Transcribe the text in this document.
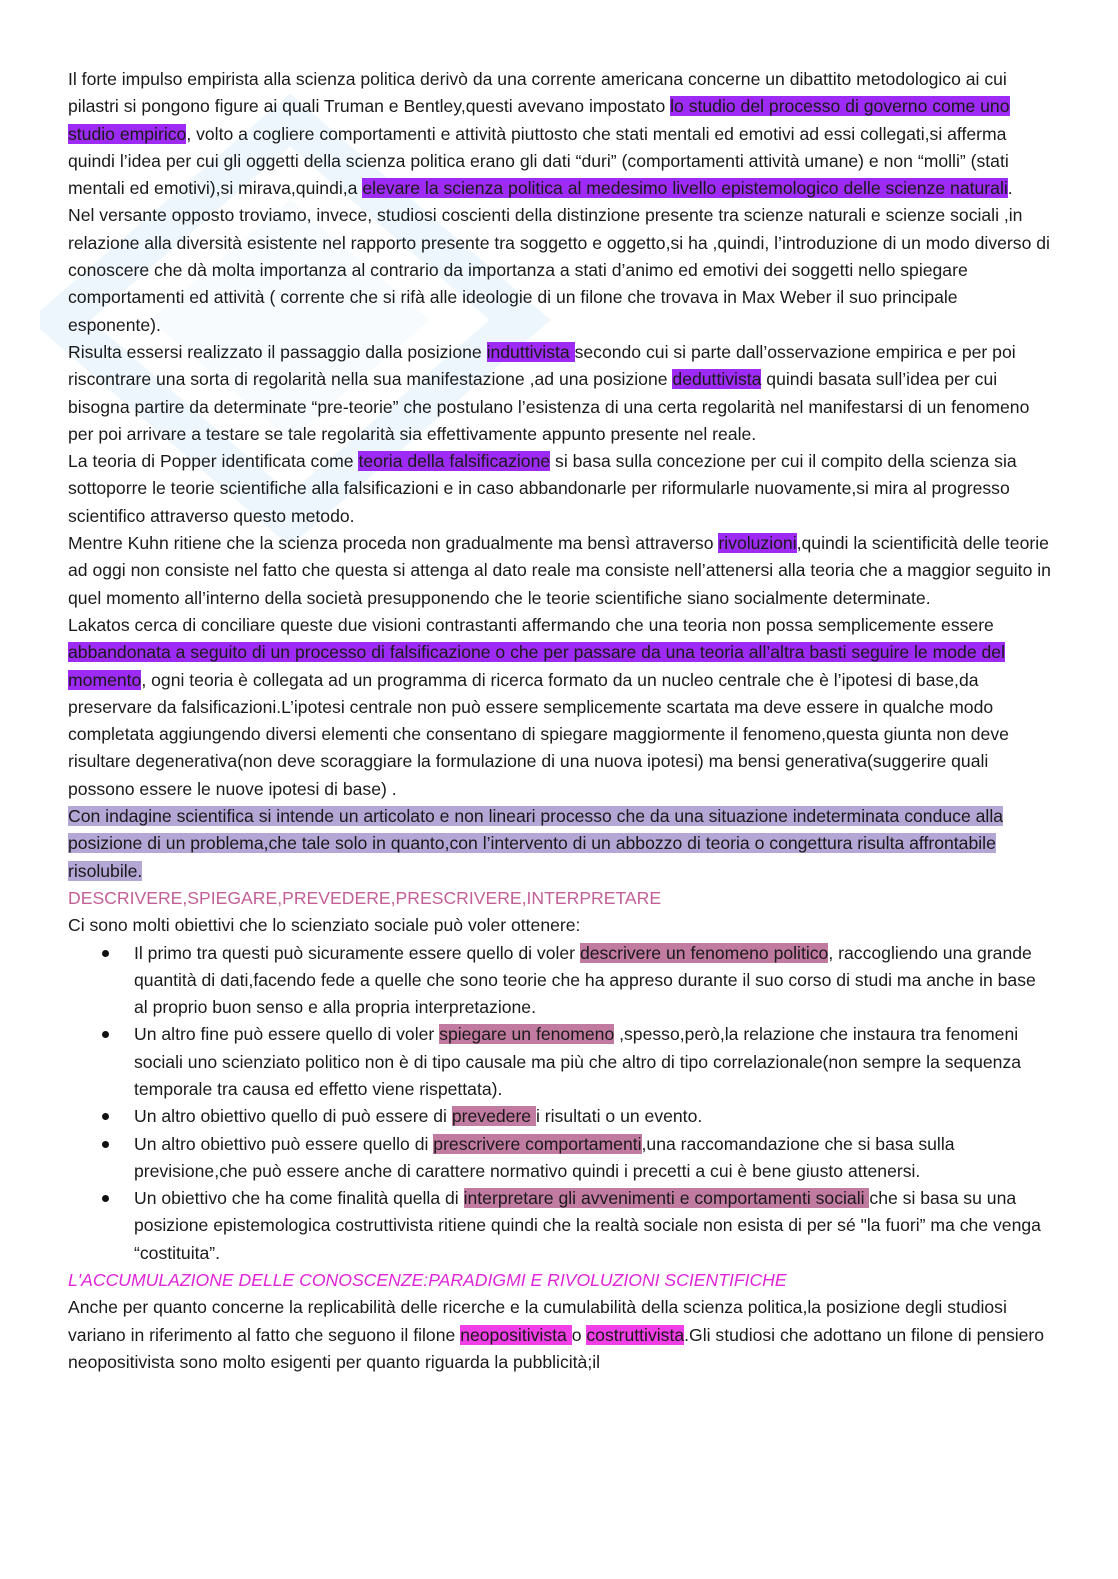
Il forte impulso empirista alla scienza politica derivò da una corrente americana concerne un dibattito metodologico ai cui pilastri si pongono figure ai quali Truman e Bentley,questi avevano impostato lo studio del processo di governo come uno studio empirico, volto a cogliere comportamenti e attività piuttosto che stati mentali ed emotivi ad essi collegati,si afferma quindi l’idea per cui gli oggetti della scienza politica erano gli dati “duri” (comportamenti attività umane) e non “molli” (stati mentali ed emotivi),si mirava,quindi,a elevare la scienza politica al medesimo livello epistemologico delle scienze naturali.

Nel versante opposto troviamo, invece, studiosi coscienti della distinzione presente tra scienze naturali e scienze sociali ,in relazione alla diversità esistente nel rapporto presente tra soggetto e oggetto,si ha ,quindi, l’introduzione di un modo diverso di conoscere che dà molta importanza al contrario da importanza a stati d’animo ed emotivi dei soggetti nello spiegare comportamenti ed attività ( corrente che si rifà alle ideologie di un filone che trovava in Max Weber il suo principale esponente).

Risulta essersi realizzato il passaggio dalla posizione induttivista secondo cui si parte dall’osservazione empirica e per poi riscontrare una sorta di regolarità nella sua manifestazione ,ad una posizione deduttivista quindi basata sull’idea per cui bisogna partire da determinate “pre-teorie” che postulano l’esistenza di una certa regolarità nel manifestarsi di un fenomeno per poi arrivare a testare se tale regolarità sia effettivamente appunto presente nel reale.

La teoria di Popper identificata come teoria della falsificazione si basa sulla concezione per cui il compito della scienza sia sottoporre le teorie scientifiche alla falsificazioni e in caso abbandonarle per riformularle nuovamente,si mira al progresso scientifico attraverso questo metodo.

Mentre Kuhn ritiene che la scienza proceda non gradualmente ma bensì attraverso rivoluzioni,quindi la scientificità delle teorie ad oggi non consiste nel fatto che questa si attenga al dato reale ma consiste nell’attenersi alla teoria che a maggior seguito in quel momento all’interno della società presupponendo che le teorie scientifiche siano socialmente determinate.

Lakatos cerca di conciliare queste due visioni contrastanti affermando che una teoria non possa semplicemente essere abbandonata a seguito di un processo di falsificazione o che per passare da una teoria all’altra basti seguire le mode del momento, ogni teoria è collegata ad un programma di ricerca formato da un nucleo centrale che è l’ipotesi di base,da preservare da falsificazioni.L’ipotesi centrale non può essere semplicemente scartata ma deve essere in qualche modo completata aggiungendo diversi elementi che consentano di spiegare maggiormente il fenomeno,questa giunta non deve risultare degenerativa(non deve scoraggiare la formulazione di una nuova ipotesi) ma bensi generativa(suggerire quali possono essere le nuove ipotesi di base) .

Con indagine scientifica si intende un articolato e non lineari processo che da una situazione indeterminata conduce alla posizione di un problema,che tale solo in quanto,con l’intervento di un abbozzo di teoria o congettura risulta affrontabile risolubile.

DESCRIVERE,SPIEGARE,PREVEDERE,PRESCRIVERE,INTERPRETARE

Ci sono molti obiettivi che lo scienziato sociale può voler ottenere:

Il primo tra questi può sicuramente essere quello di voler descrivere un fenomeno politico, raccogliendo una grande quantità di dati,facendo fede a quelle che sono teorie che ha appreso durante il suo corso di studi ma anche in base al proprio buon senso e alla propria interpretazione.
Un altro fine può essere quello di voler spiegare un fenomeno ,spesso,però,la relazione che instaura tra fenomeni sociali uno scienziato politico non è di tipo causale ma più che altro di tipo correlazionale(non sempre la sequenza temporale tra causa ed effetto viene rispettata).
Un altro obiettivo quello di può essere di prevedere i risultati o un evento.
Un altro obiettivo può essere quello di prescrivere comportamenti,una raccomandazione che si basa sulla previsione,che può essere anche di carattere normativo quindi i precetti a cui è bene giusto attenersi.
Un obiettivo che ha come finalità quella di interpretare gli avvenimenti e comportamenti sociali che si basa su una posizione epistemologica costruttivista ritiene quindi che la realtà sociale non esista di per sé "la fuori” ma che venga “costituita”.

L'ACCUMULAZIONE DELLE CONOSCENZE:PARADIGMI E RIVOLUZIONI SCIENTIFICHE

Anche per quanto concerne la replicabilità delle ricerche e la cumulabilità della scienza politica,la posizione degli studiosi variano in riferimento al fatto che seguono il filone neopositivista o costruttivista.Gli studiosi che adottano un filone di pensiero neopositivista sono molto esigenti per quanto riguarda la pubblicità;il
